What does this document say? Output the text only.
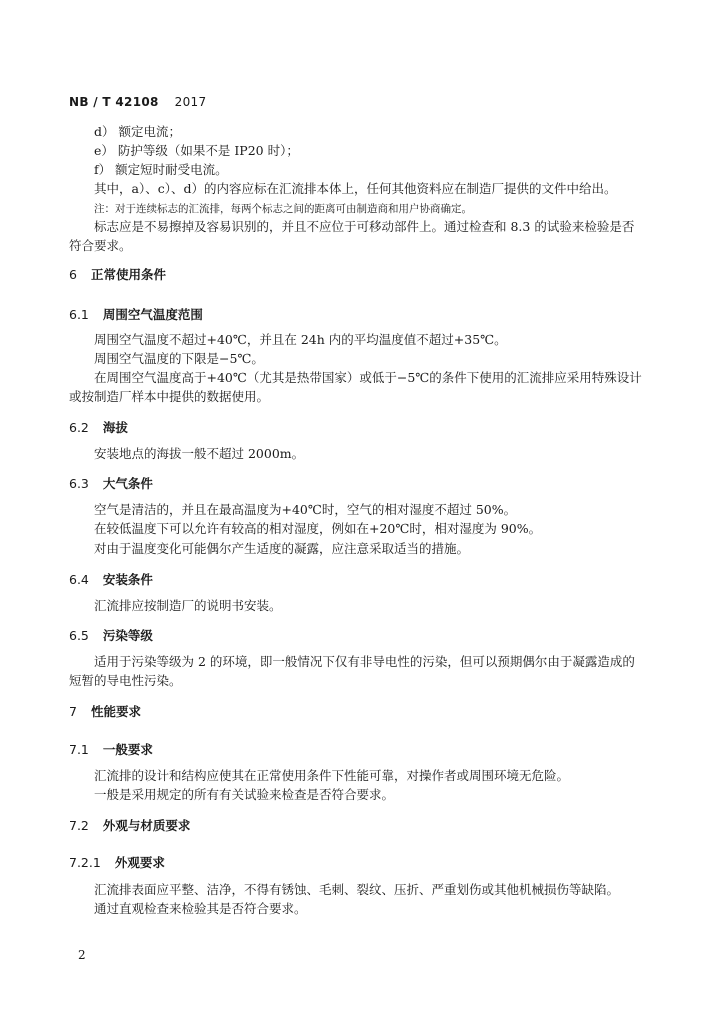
NB / T 42108 2017
d） 额定电流；
e） 防护等级（如果不是 IP20 时）；
f） 额定短时耐受电流。
其中，a）、c）、d）的内容应标在汇流排本体上，任何其他资料应在制造厂提供的文件中给出。
注：对于连续标志的汇流排，每两个标志之间的距离可由制造商和用户协商确定。
标志应是不易擦掉及容易识别的，并且不应位于可移动部件上。通过检查和 8.3 的试验来检验是否
符合要求。
6 正常使用条件
6.1 周围空气温度范围
周围空气温度不超过+40℃，并且在 24h 内的平均温度值不超过+35℃。
周围空气温度的下限是−5℃。
在周围空气温度高于+40℃（尤其是热带国家）或低于−5℃的条件下使用的汇流排应采用特殊设计
或按制造厂样本中提供的数据使用。
6.2 海拔
安装地点的海拔一般不超过 2000m。
6.3 大气条件
空气是清洁的，并且在最高温度为+40℃时，空气的相对湿度不超过 50%。
在较低温度下可以允许有较高的相对湿度，例如在+20℃时，相对湿度为 90%。
对由于温度变化可能偶尔产生适度的凝露，应注意采取适当的措施。
6.4 安装条件
汇流排应按制造厂的说明书安装。
6.5 污染等级
适用于污染等级为 2 的环境，即一般情况下仅有非导电性的污染，但可以预期偶尔由于凝露造成的
短暂的导电性污染。
7 性能要求
7.1 一般要求
汇流排的设计和结构应使其在正常使用条件下性能可靠，对操作者或周围环境无危险。
一般是采用规定的所有有关试验来检查是否符合要求。
7.2 外观与材质要求
7.2.1 外观要求
汇流排表面应平整、洁净，不得有锈蚀、毛刺、裂纹、压折、严重划伤或其他机械损伤等缺陷。
通过直观检查来检验其是否符合要求。
2
